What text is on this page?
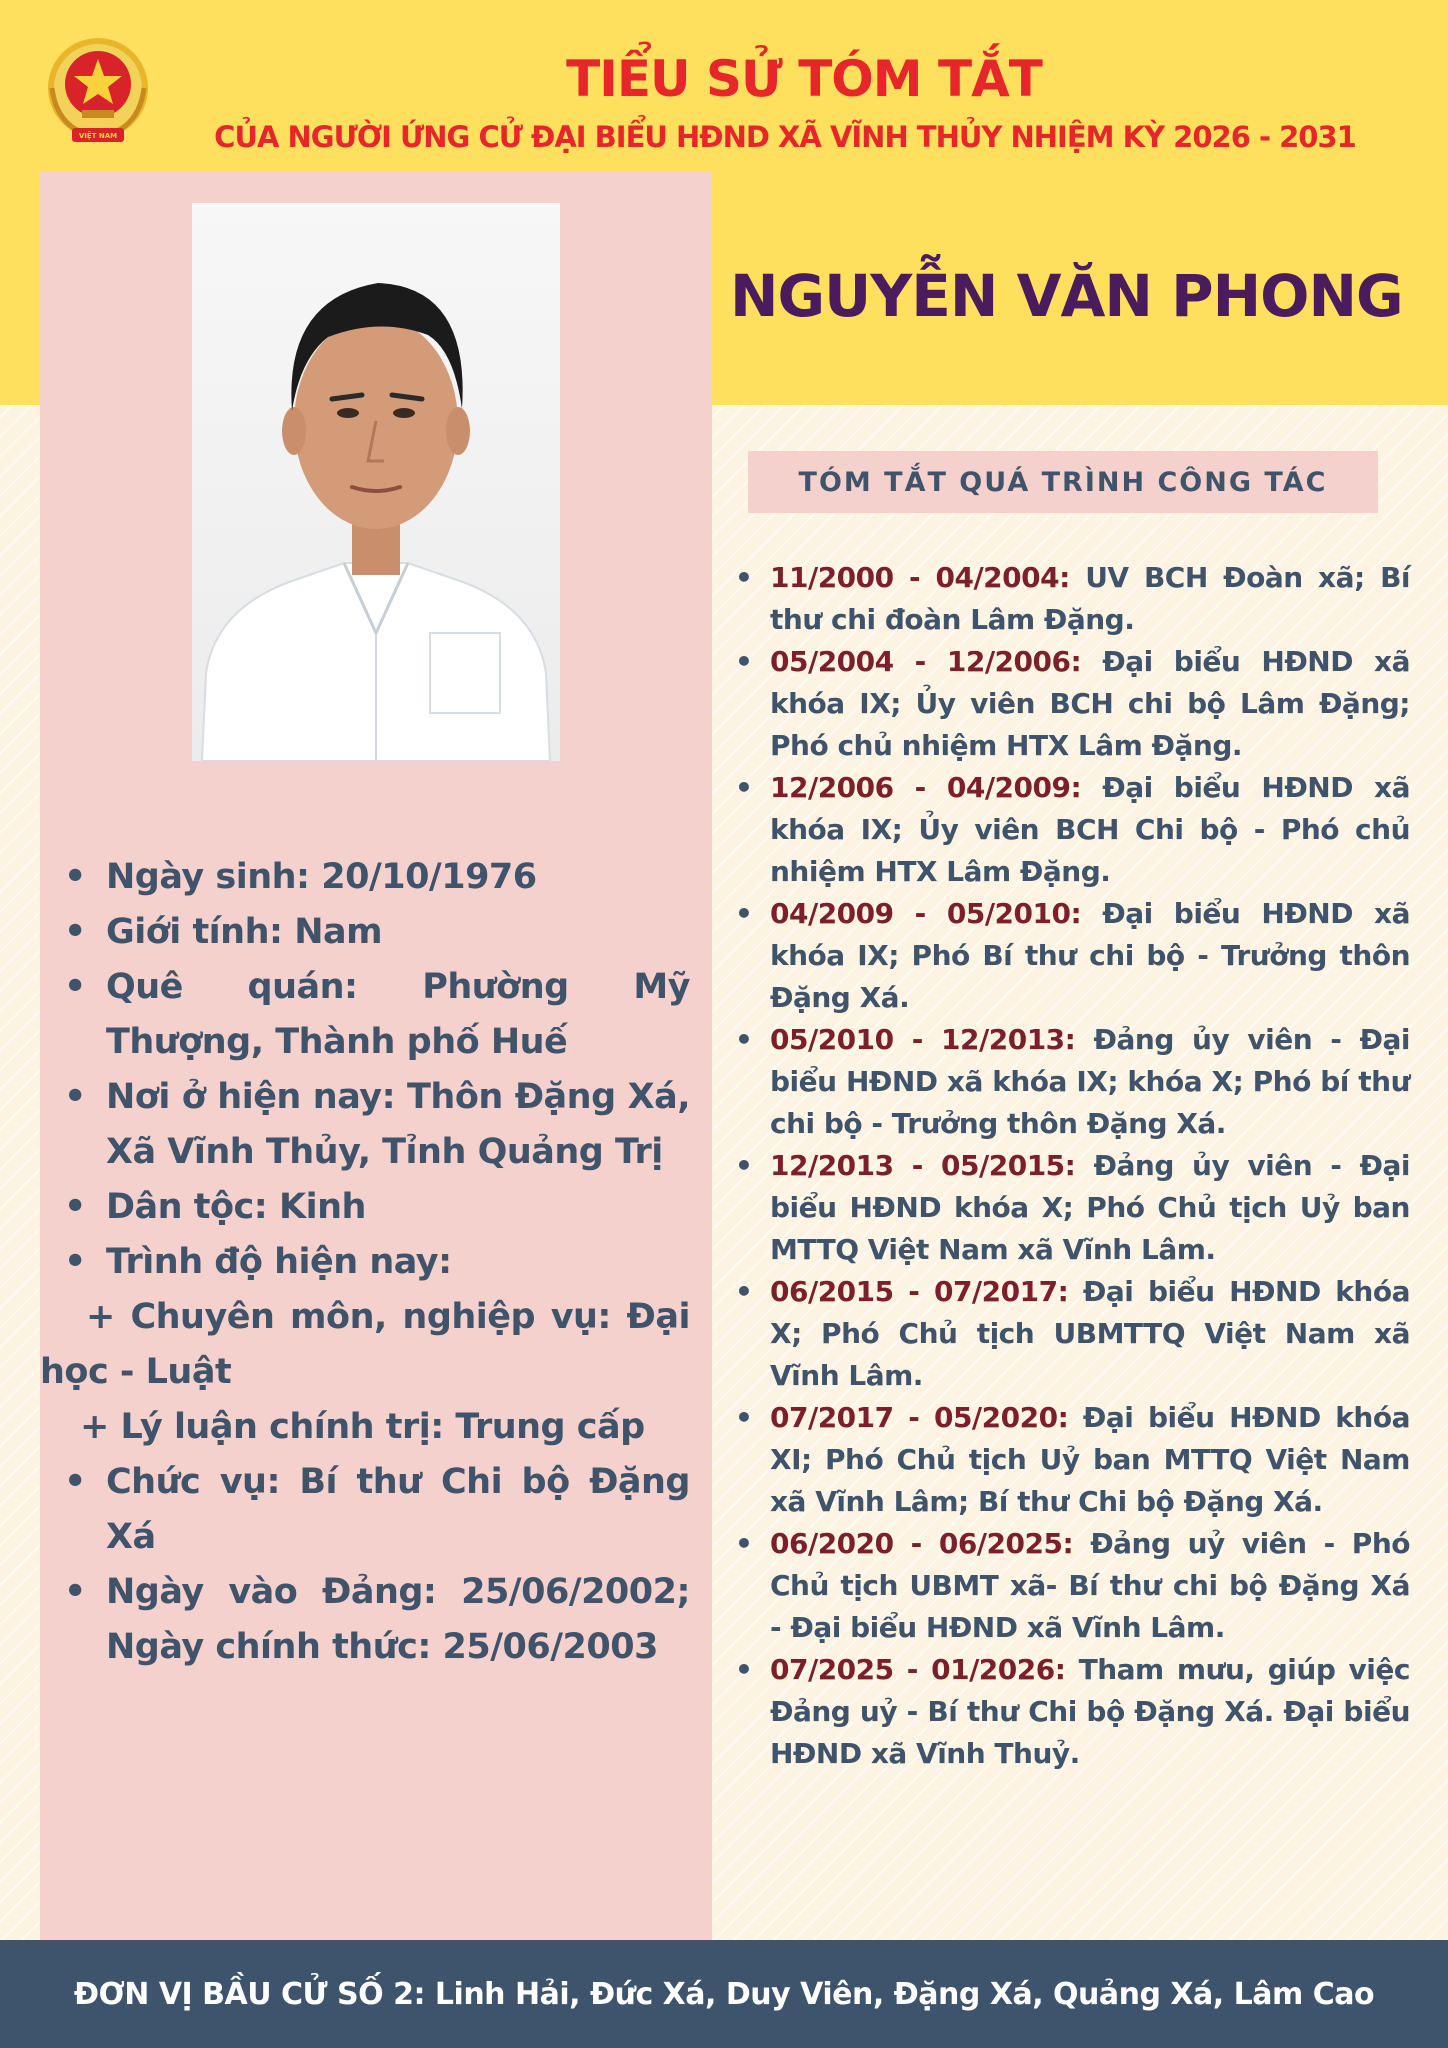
VIỆT NAM
TIỂU SỬ TÓM TẮT
CỦA NGƯỜI ỨNG CỬ ĐẠI BIỂU HĐND XÃ VĨNH THỦY NHIỆM KỲ 2026 - 2031
NGUYỄN VĂN PHONG
• Ngày sinh: 20/10/1976
• Giới tính: Nam
• Quê quán: Phường Mỹ Thượng, Thành phố Huế
• Nơi ở hiện nay: Thôn Đặng Xá, Xã Vĩnh Thủy, Tỉnh Quảng Trị
• Dân tộc: Kinh
• Trình độ hiện nay:
+ Chuyên môn, nghiệp vụ: Đại học - Luật
+ Lý luận chính trị: Trung cấp
• Chức vụ: Bí thư Chi bộ Đặng Xá
• Ngày vào Đảng: 25/06/2002; Ngày chính thức: 25/06/2003
TÓM TẮT QUÁ TRÌNH CÔNG TÁC
• 11/2000 - 04/2004: UV BCH Đoàn xã; Bí thư chi đoàn Lâm Đặng.
• 05/2004 - 12/2006: Đại biểu HĐND xã khóa IX; Ủy viên BCH chi bộ Lâm Đặng; Phó chủ nhiệm HTX Lâm Đặng.
• 12/2006 - 04/2009: Đại biểu HĐND xã khóa IX; Ủy viên BCH Chi bộ - Phó chủ nhiệm HTX Lâm Đặng.
• 04/2009 - 05/2010: Đại biểu HĐND xã khóa IX; Phó Bí thư chi bộ - Trưởng thôn Đặng Xá.
• 05/2010 - 12/2013: Đảng ủy viên - Đại biểu HĐND xã khóa IX; khóa X; Phó bí thư chi bộ - Trưởng thôn Đặng Xá.
• 12/2013 - 05/2015: Đảng ủy viên - Đại biểu HĐND khóa X; Phó Chủ tịch Uỷ ban MTTQ Việt Nam xã Vĩnh Lâm.
• 06/2015 - 07/2017: Đại biểu HĐND khóa X; Phó Chủ tịch UBMTTQ Việt Nam xã Vĩnh Lâm.
• 07/2017 - 05/2020: Đại biểu HĐND khóa XI; Phó Chủ tịch Uỷ ban MTTQ Việt Nam xã Vĩnh Lâm; Bí thư Chi bộ Đặng Xá.
• 06/2020 - 06/2025: Đảng uỷ viên - Phó Chủ tịch UBMT xã- Bí thư chi bộ Đặng Xá - Đại biểu HĐND xã Vĩnh Lâm.
• 07/2025 - 01/2026: Tham mưu, giúp việc Đảng uỷ - Bí thư Chi bộ Đặng Xá. Đại biểu HĐND xã Vĩnh Thuỷ.
ĐƠN VỊ BẦU CỬ SỐ 2: Linh Hải, Đức Xá, Duy Viên, Đặng Xá, Quảng Xá, Lâm Cao
